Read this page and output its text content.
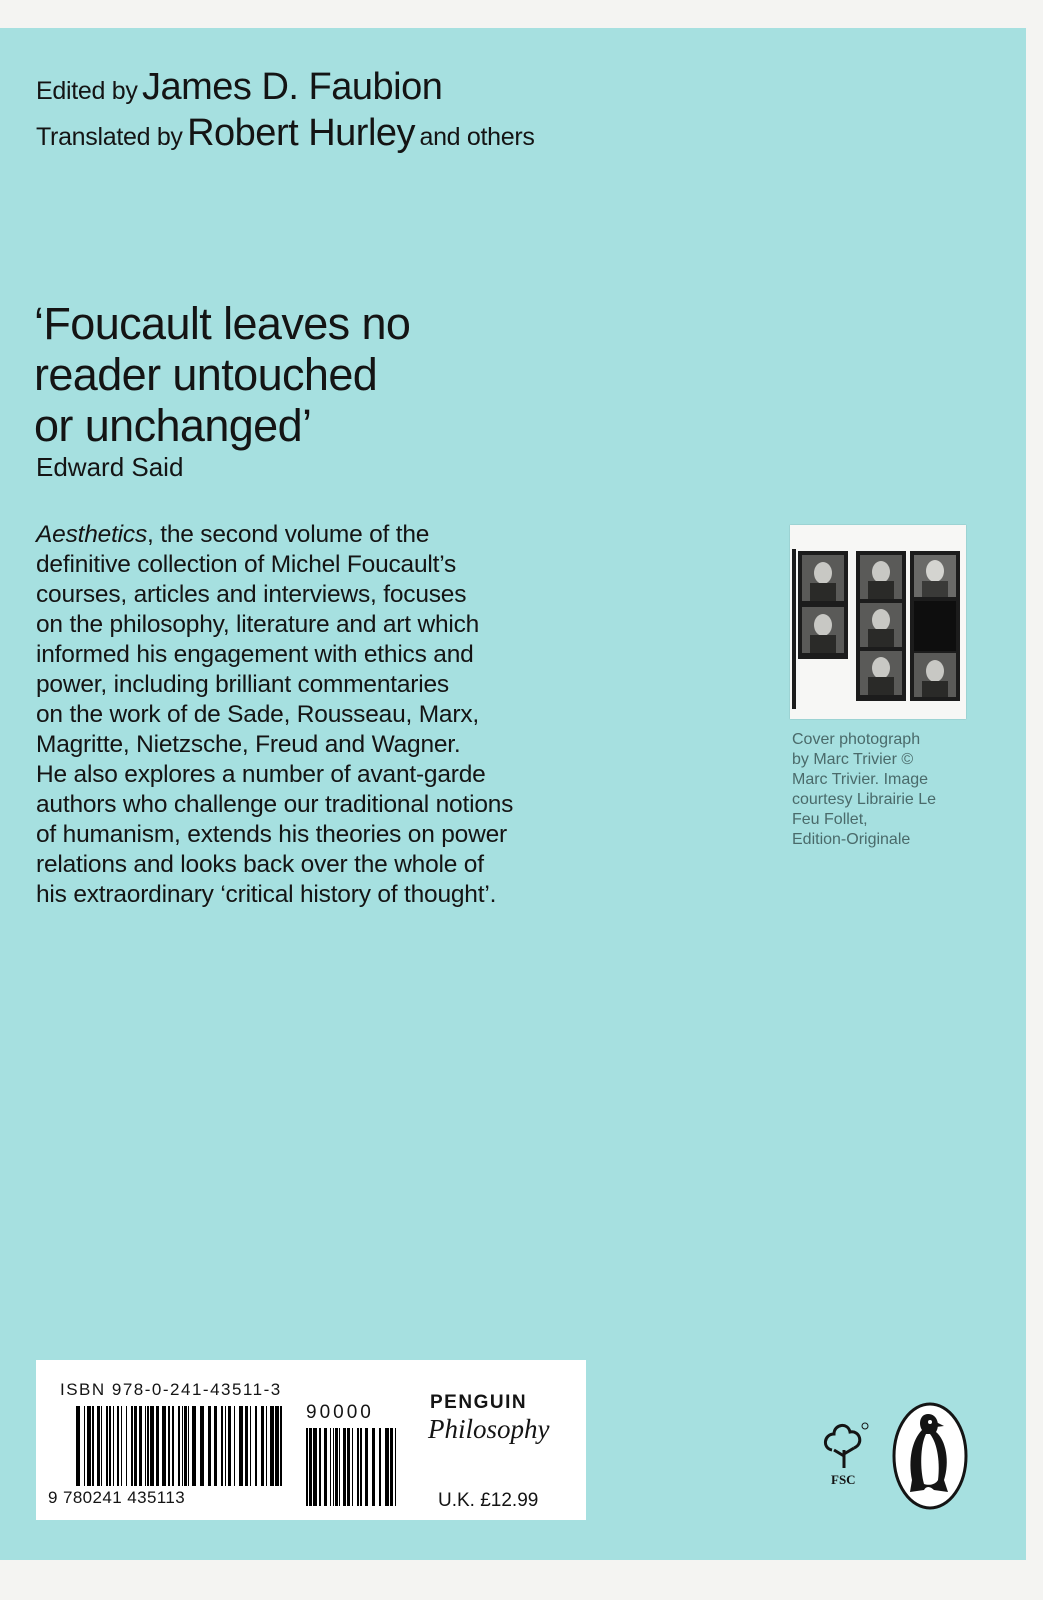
Edited by James D. Faubion
Translated by Robert Hurley and others
‘Foucault leaves no
reader untouched
or unchanged’
Edward Said
Aesthetics, the second volume of the
definitive collection of Michel Foucault’s
courses, articles and interviews, focuses
on the philosophy, literature and art which
informed his engagement with ethics and
power, including brilliant commentaries
on the work of de Sade, Rousseau, Marx,
Magritte, Nietzsche, Freud and Wagner.
He also explores a number of avant-garde
authors who challenge our traditional notions
of humanism, extends his theories on power
relations and looks back over the whole of
his extraordinary ‘critical history of thought’.
Cover photograph
by Marc Trivier ©
Marc Trivier. Image
courtesy Librairie Le
Feu Follet,
Edition-Originale
ISBN 978-0-241-43511-3
9 780241 435113
90000	PENGUIN
Philosophy
U.K. £12.99
FSC
